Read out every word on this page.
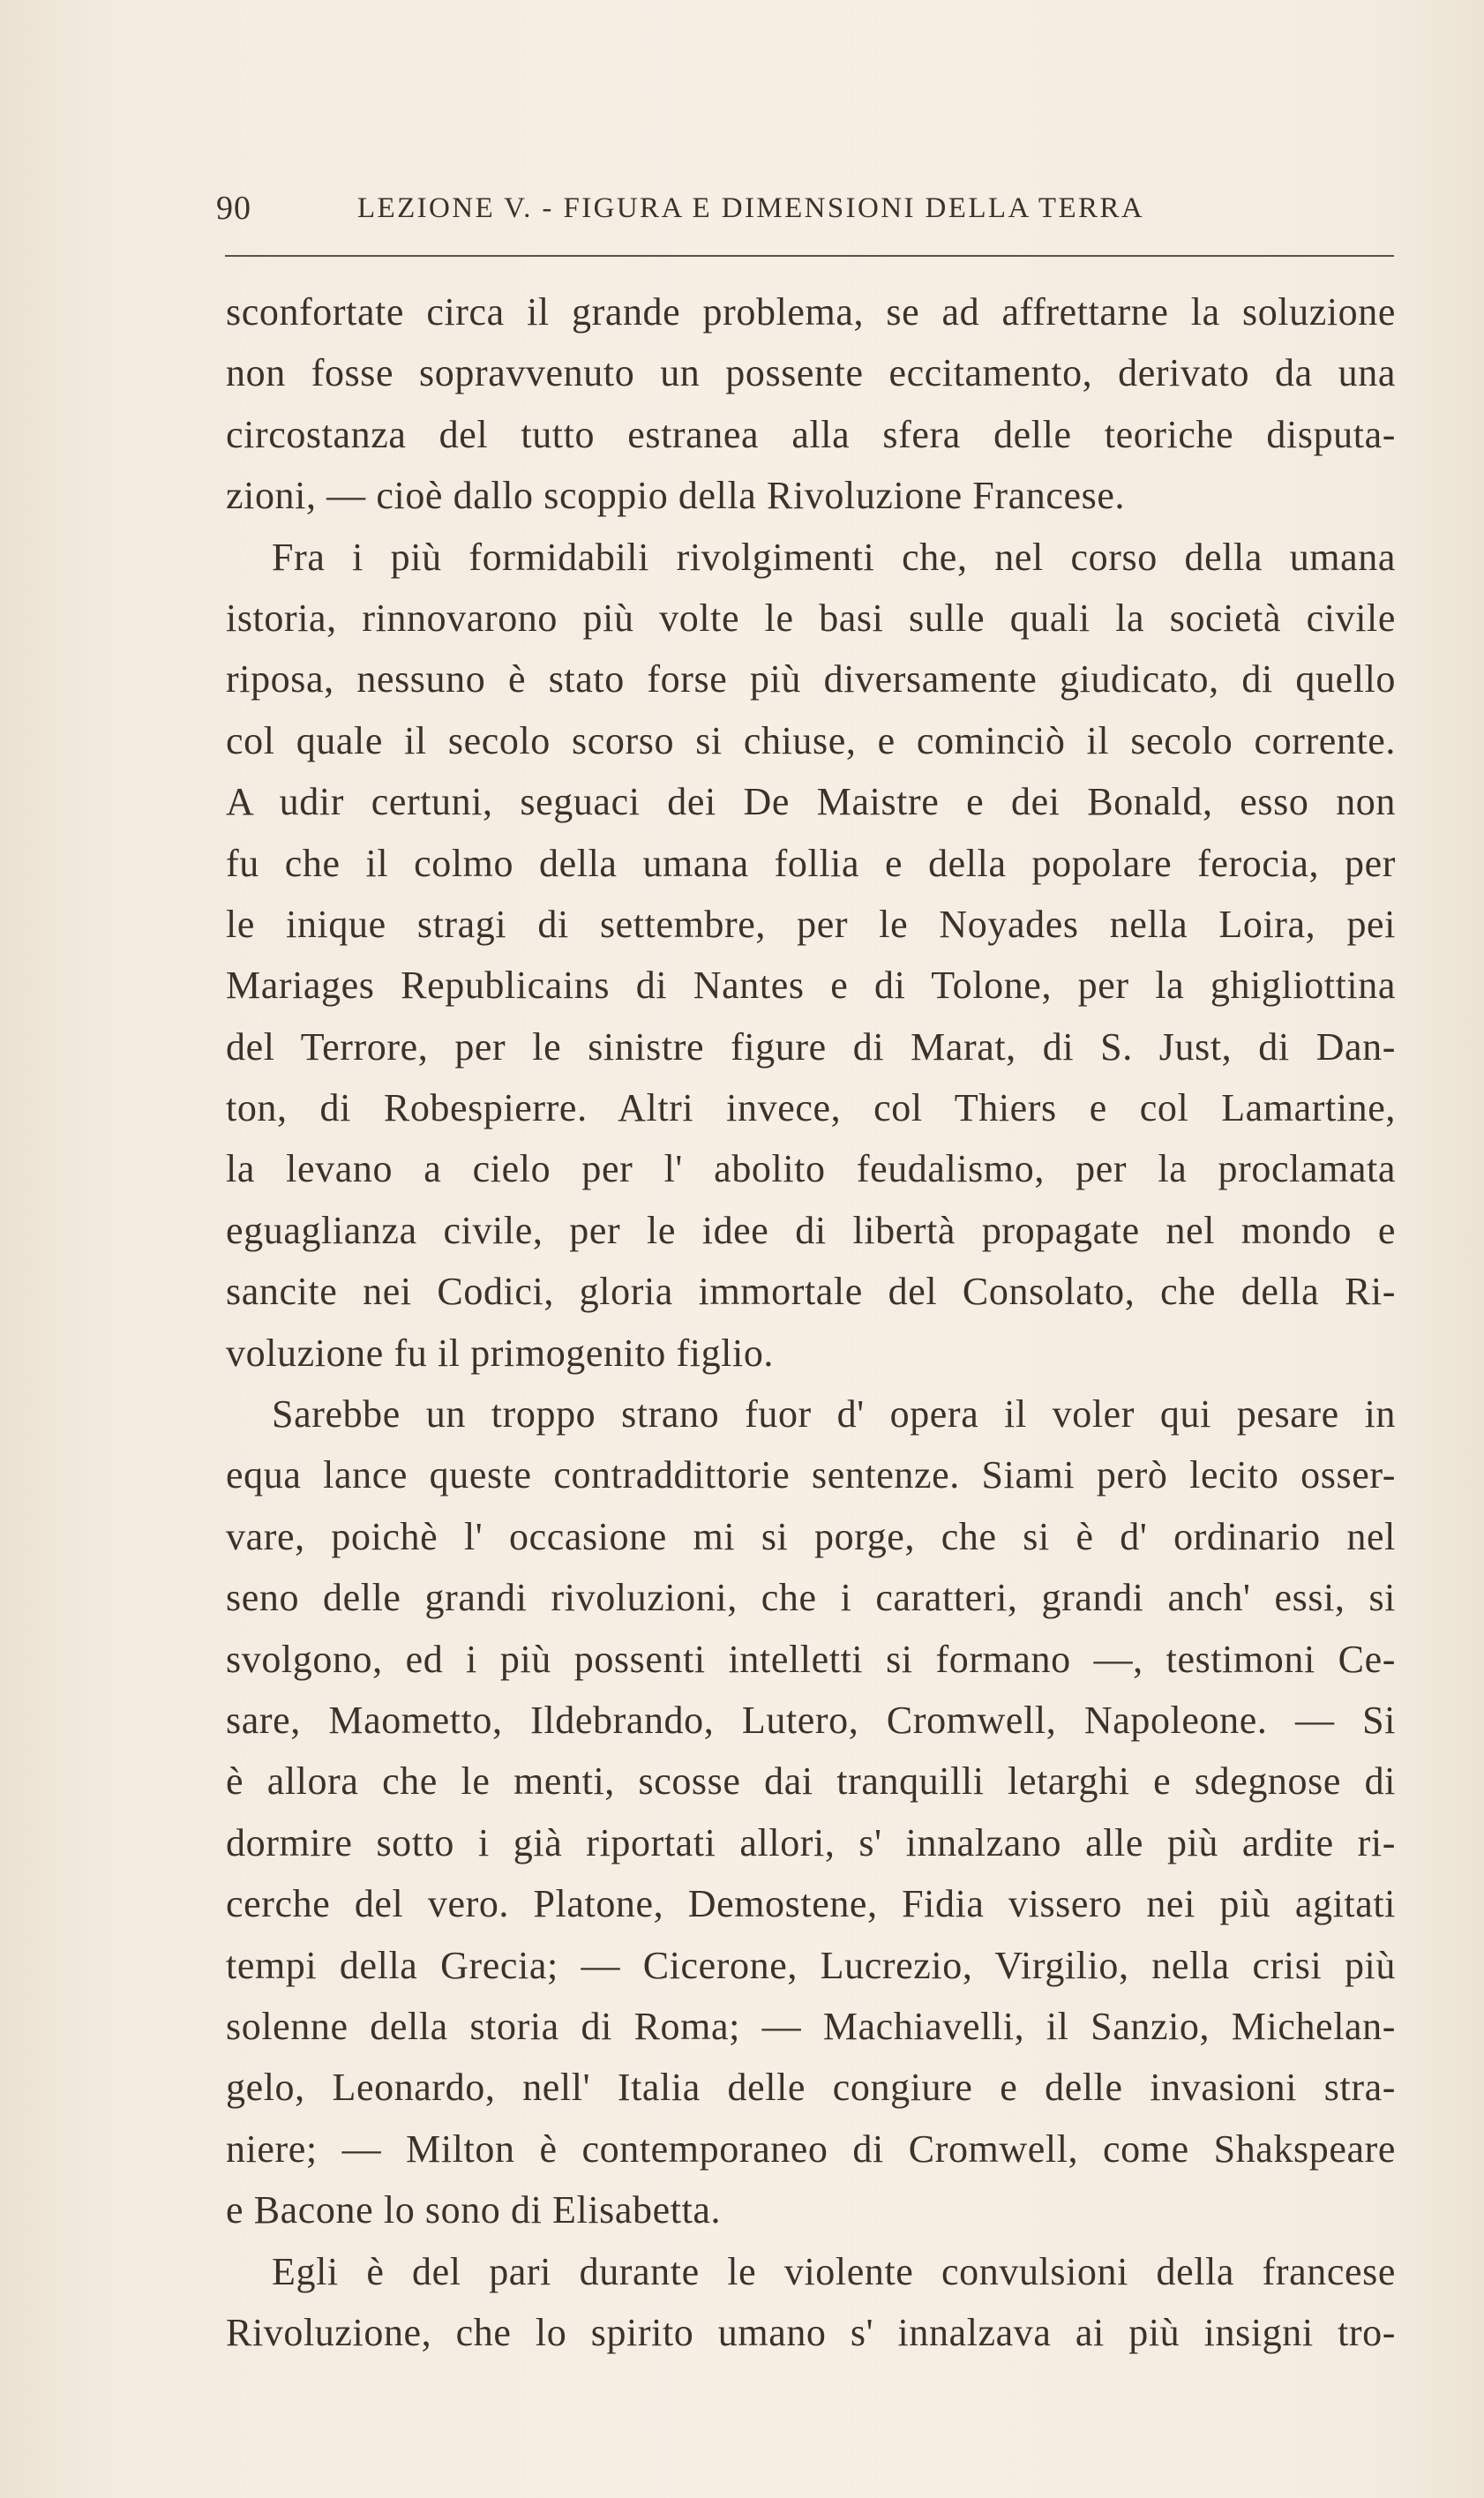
90	LEZIONE V. - FIGURA E DIMENSIONI DELLA TERRA
sconfortate circa il grande problema, se ad affrettarne la soluzione
non fosse sopravvenuto un possente eccitamento, derivato da una
circostanza del tutto estranea alla sfera delle teoriche disputa-
zioni, — cioè dallo scoppio della Rivoluzione Francese.
Fra i più formidabili rivolgimenti che, nel corso della umana
istoria, rinnovarono più volte le basi sulle quali la società civile
riposa, nessuno è stato forse più diversamente giudicato, di quello
col quale il secolo scorso si chiuse, e cominciò il secolo corrente.
A udir certuni, seguaci dei De Maistre e dei Bonald, esso non
fu che il colmo della umana follia e della popolare ferocia, per
le inique stragi di settembre, per le Noyades nella Loira, pei
Mariages Republicains di Nantes e di Tolone, per la ghigliottina
del Terrore, per le sinistre figure di Marat, di S. Just, di Dan-
ton, di Robespierre. Altri invece, col Thiers e col Lamartine,
la levano a cielo per l' abolito feudalismo, per la proclamata
eguaglianza civile, per le idee di libertà propagate nel mondo e
sancite nei Codici, gloria immortale del Consolato, che della Ri-
voluzione fu il primogenito figlio.
Sarebbe un troppo strano fuor d' opera il voler qui pesare in
equa lance queste contraddittorie sentenze. Siami però lecito osser-
vare, poichè l' occasione mi si porge, che si è d' ordinario nel
seno delle grandi rivoluzioni, che i caratteri, grandi anch' essi, si
svolgono, ed i più possenti intelletti si formano —, testimoni Ce-
sare, Maometto, Ildebrando, Lutero, Cromwell, Napoleone. — Si
è allora che le menti, scosse dai tranquilli letarghi e sdegnose di
dormire sotto i già riportati allori, s' innalzano alle più ardite ri-
cerche del vero. Platone, Demostene, Fidia vissero nei più agitati
tempi della Grecia; — Cicerone, Lucrezio, Virgilio, nella crisi più
solenne della storia di Roma; — Machiavelli, il Sanzio, Michelan-
gelo, Leonardo, nell' Italia delle congiure e delle invasioni stra-
niere; — Milton è contemporaneo di Cromwell, come Shakspeare
e Bacone lo sono di Elisabetta.
Egli è del pari durante le violente convulsioni della francese
Rivoluzione, che lo spirito umano s' innalzava ai più insigni tro-
